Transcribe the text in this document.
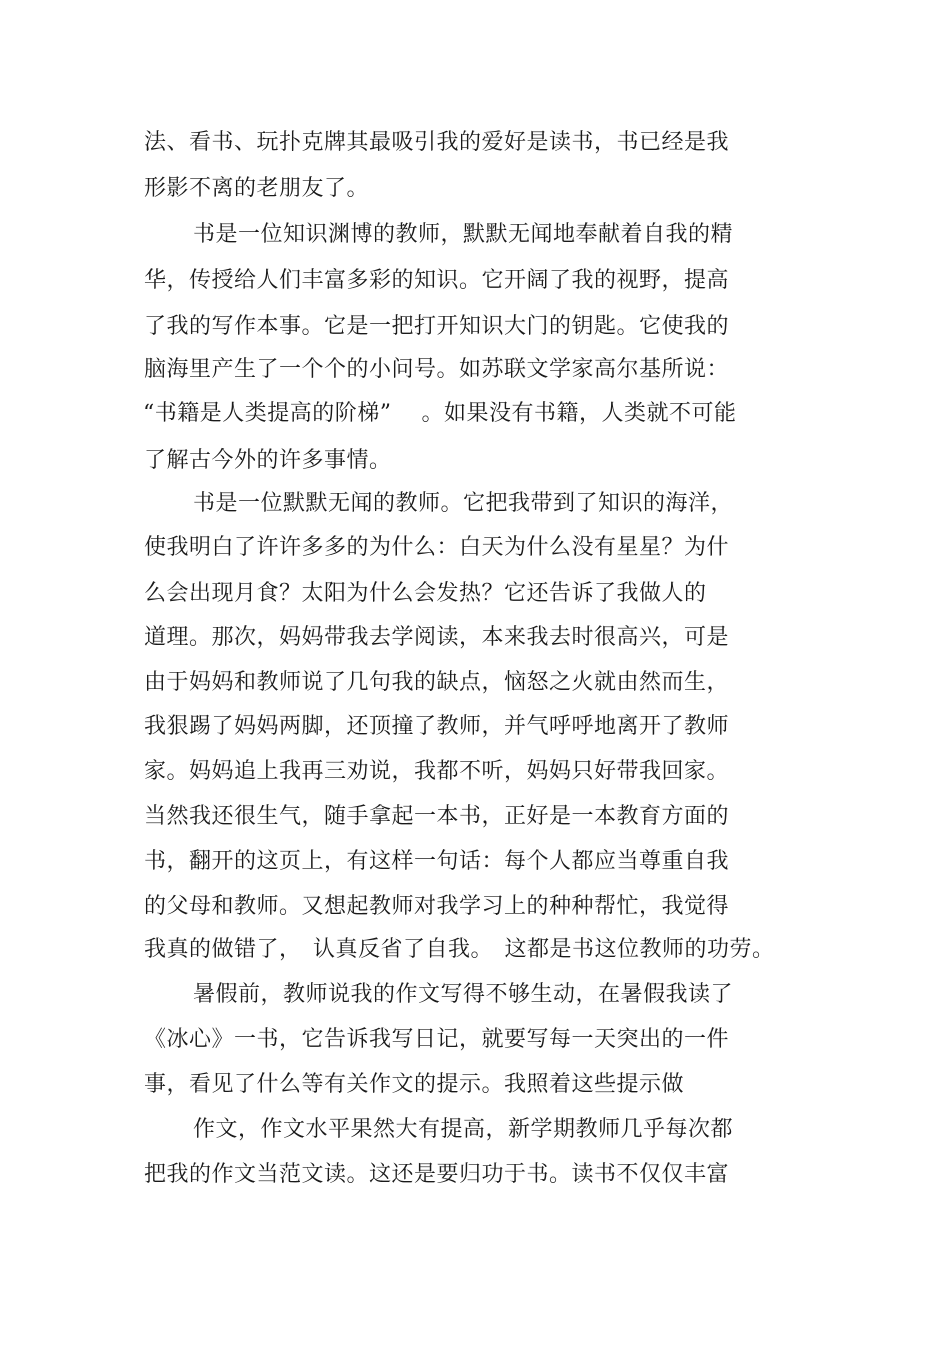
法、看书、玩扑克牌其最吸引我的爱好是读书，书已经是我
形影不离的老朋友了。
书是一位知识渊博的教师，默默无闻地奉献着自我的精
华，传授给人们丰富多彩的知识。它开阔了我的视野，提高
了我的写作本事。它是一把打开知识大门的钥匙。它使我的
脑海里产生了一个个的小问号。如苏联文学家高尔基所说：
“书籍是人类提高的阶梯”　 。如果没有书籍，人类就不可能
了解古今外的许多事情。
书是一位默默无闻的教师。它把我带到了知识的海洋，
使我明白了许许多多的为什么：白天为什么没有星星？为什
么会出现月食？太阳为什么会发热？它还告诉了我做人的
道理。那次，妈妈带我去学阅读，本来我去时很高兴，可是
由于妈妈和教师说了几句我的缺点，恼怒之火就由然而生，
我狠踢了妈妈两脚，还顶撞了教师，并气呼呼地离开了教师
家。妈妈追上我再三劝说，我都不听，妈妈只好带我回家。
当然我还很生气，随手拿起一本书，正好是一本教育方面的
书，翻开的这页上，有这样一句话：每个人都应当尊重自我
的父母和教师。又想起教师对我学习上的种种帮忙，我觉得
我真的做错了，　认真反省了自我。　这都是书这位教师的功劳。
暑假前，教师说我的作文写得不够生动，在暑假我读了
《冰心》一书，它告诉我写日记，就要写每一天突出的一件
事，看见了什么等有关作文的提示。我照着这些提示做
作文，作文水平果然大有提高，新学期教师几乎每次都
把我的作文当范文读。这还是要归功于书。读书不仅仅丰富
